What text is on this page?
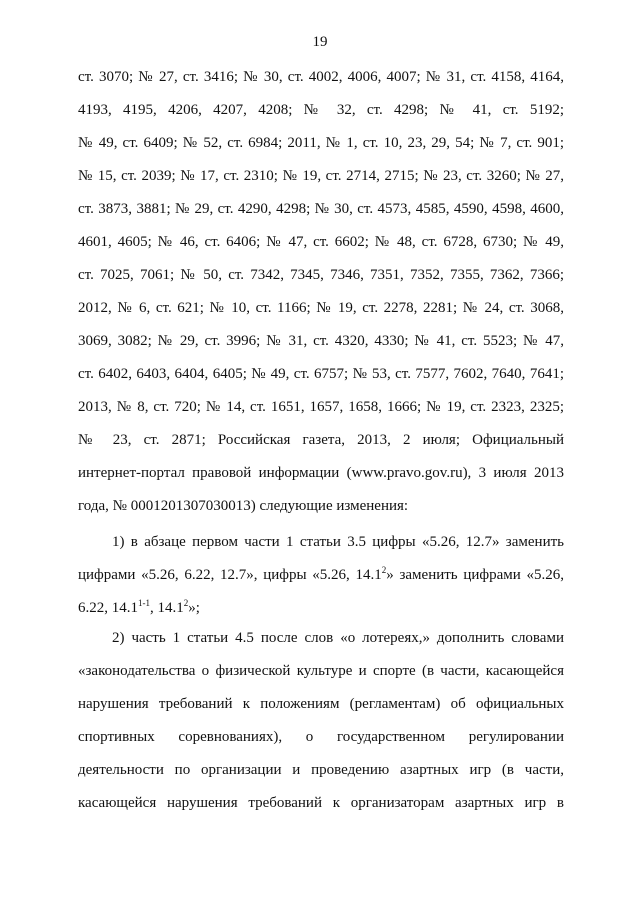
19
ст. 3070; № 27, ст. 3416; № 30, ст. 4002, 4006, 4007; № 31, ст. 4158, 4164,
4193, 4195, 4206, 4207, 4208; № 32, ст. 4298; № 41, ст. 5192;
№ 49, ст. 6409; № 52, ст. 6984; 2011, № 1, ст. 10, 23, 29, 54; № 7, ст. 901;
№ 15, ст. 2039; № 17, ст. 2310; № 19, ст. 2714, 2715; № 23, ст. 3260; № 27,
ст. 3873, 3881; № 29, ст. 4290, 4298; № 30, ст. 4573, 4585, 4590, 4598, 4600,
4601, 4605; № 46, ст. 6406; № 47, ст. 6602; № 48, ст. 6728, 6730; № 49,
ст. 7025, 7061; № 50, ст. 7342, 7345, 7346, 7351, 7352, 7355, 7362, 7366;
2012, № 6, ст. 621; № 10, ст. 1166; № 19, ст. 2278, 2281; № 24, ст. 3068,
3069, 3082; № 29, ст. 3996; № 31, ст. 4320, 4330; № 41, ст. 5523; № 47,
ст. 6402, 6403, 6404, 6405; № 49, ст. 6757; № 53, ст. 7577, 7602, 7640, 7641;
2013, № 8, ст. 720; № 14, ст. 1651, 1657, 1658, 1666; № 19, ст. 2323, 2325;
№ 23, ст. 2871; Российская газета, 2013, 2 июля; Официальный
интернет-портал правовой информации (www.pravo.gov.ru), 3 июля 2013
года, № 0001201307030013) следующие изменения:
1) в абзаце первом части 1 статьи 3.5 цифры «5.26, 12.7» заменить
цифрами «5.26, 6.22, 12.7», цифры «5.26, 14.1$^2$» заменить цифрами «5.26,
6.22, 14.1$^{1-1}$, 14.1$^2$»;
2) часть 1 статьи 4.5 после слов «о лотереях,» дополнить словами
«законодательства о физической культуре и спорте (в части, касающейся
нарушения требований к положениям (регламентам) об официальных
спортивных соревнованиях), о государственном регулировании
деятельности по организации и проведению азартных игр (в части,
касающейся нарушения требований к организаторам азартных игр в
